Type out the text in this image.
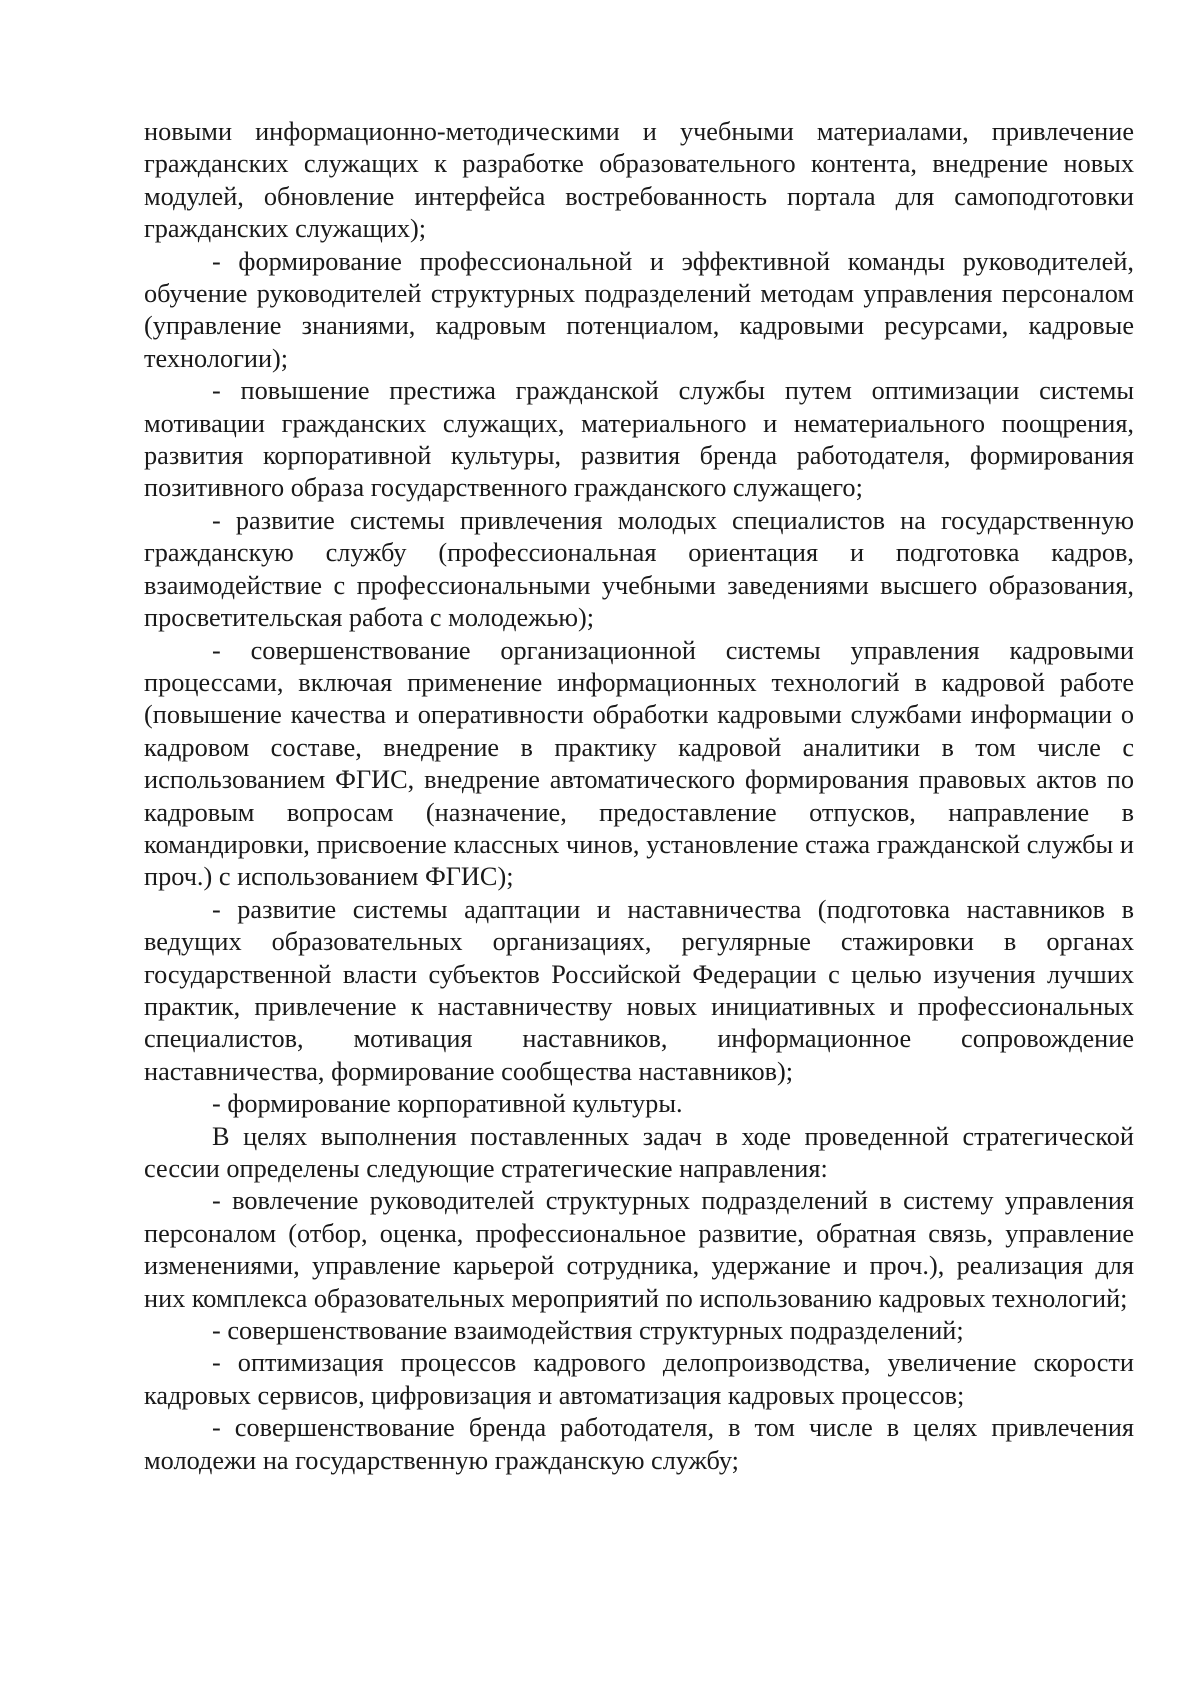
новыми информационно-методическими и учебными материалами, привлечение гражданских служащих к разработке образовательного контента, внедрение новых модулей, обновление интерфейса востребованность портала для самоподготовки гражданских служащих);

- формирование профессиональной и эффективной команды руководителей, обучение руководителей структурных подразделений методам управления персоналом (управление знаниями, кадровым потенциалом, кадровыми ресурсами, кадровые технологии);

- повышение престижа гражданской службы путем оптимизации системы мотивации гражданских служащих, материального и нематериального поощрения, развития корпоративной культуры, развития бренда работодателя, формирования позитивного образа государственного гражданского служащего;

- развитие системы привлечения молодых специалистов на государственную гражданскую службу (профессиональная ориентация и подготовка кадров, взаимодействие с профессиональными учебными заведениями высшего образования, просветительская работа с молодежью);

- совершенствование организационной системы управления кадровыми процессами, включая применение информационных технологий в кадровой работе (повышение качества и оперативности обработки кадровыми службами информации о кадровом составе, внедрение в практику кадровой аналитики в том числе с использованием ФГИС, внедрение автоматического формирования правовых актов по кадровым вопросам (назначение, предоставление отпусков, направление в командировки, присвоение классных чинов, установление стажа гражданской службы и проч.) с использованием ФГИС);

- развитие системы адаптации и наставничества (подготовка наставников в ведущих образовательных организациях, регулярные стажировки в органах государственной власти субъектов Российской Федерации с целью изучения лучших практик, привлечение к наставничеству новых инициативных и профессиональных специалистов, мотивация наставников, информационное сопровождение наставничества, формирование сообщества наставников);

- формирование корпоративной культуры.

В целях выполнения поставленных задач в ходе проведенной стратегической сессии определены следующие стратегические направления:

- вовлечение руководителей структурных подразделений в систему управления персоналом (отбор, оценка, профессиональное развитие, обратная связь, управление изменениями, управление карьерой сотрудника, удержание и проч.), реализация для них комплекса образовательных мероприятий по использованию кадровых технологий;

- совершенствование взаимодействия структурных подразделений;

- оптимизация процессов кадрового делопроизводства, увеличение скорости кадровых сервисов, цифровизация и автоматизация кадровых процессов;

- совершенствование бренда работодателя, в том числе в целях привлечения молодежи на государственную гражданскую службу;
